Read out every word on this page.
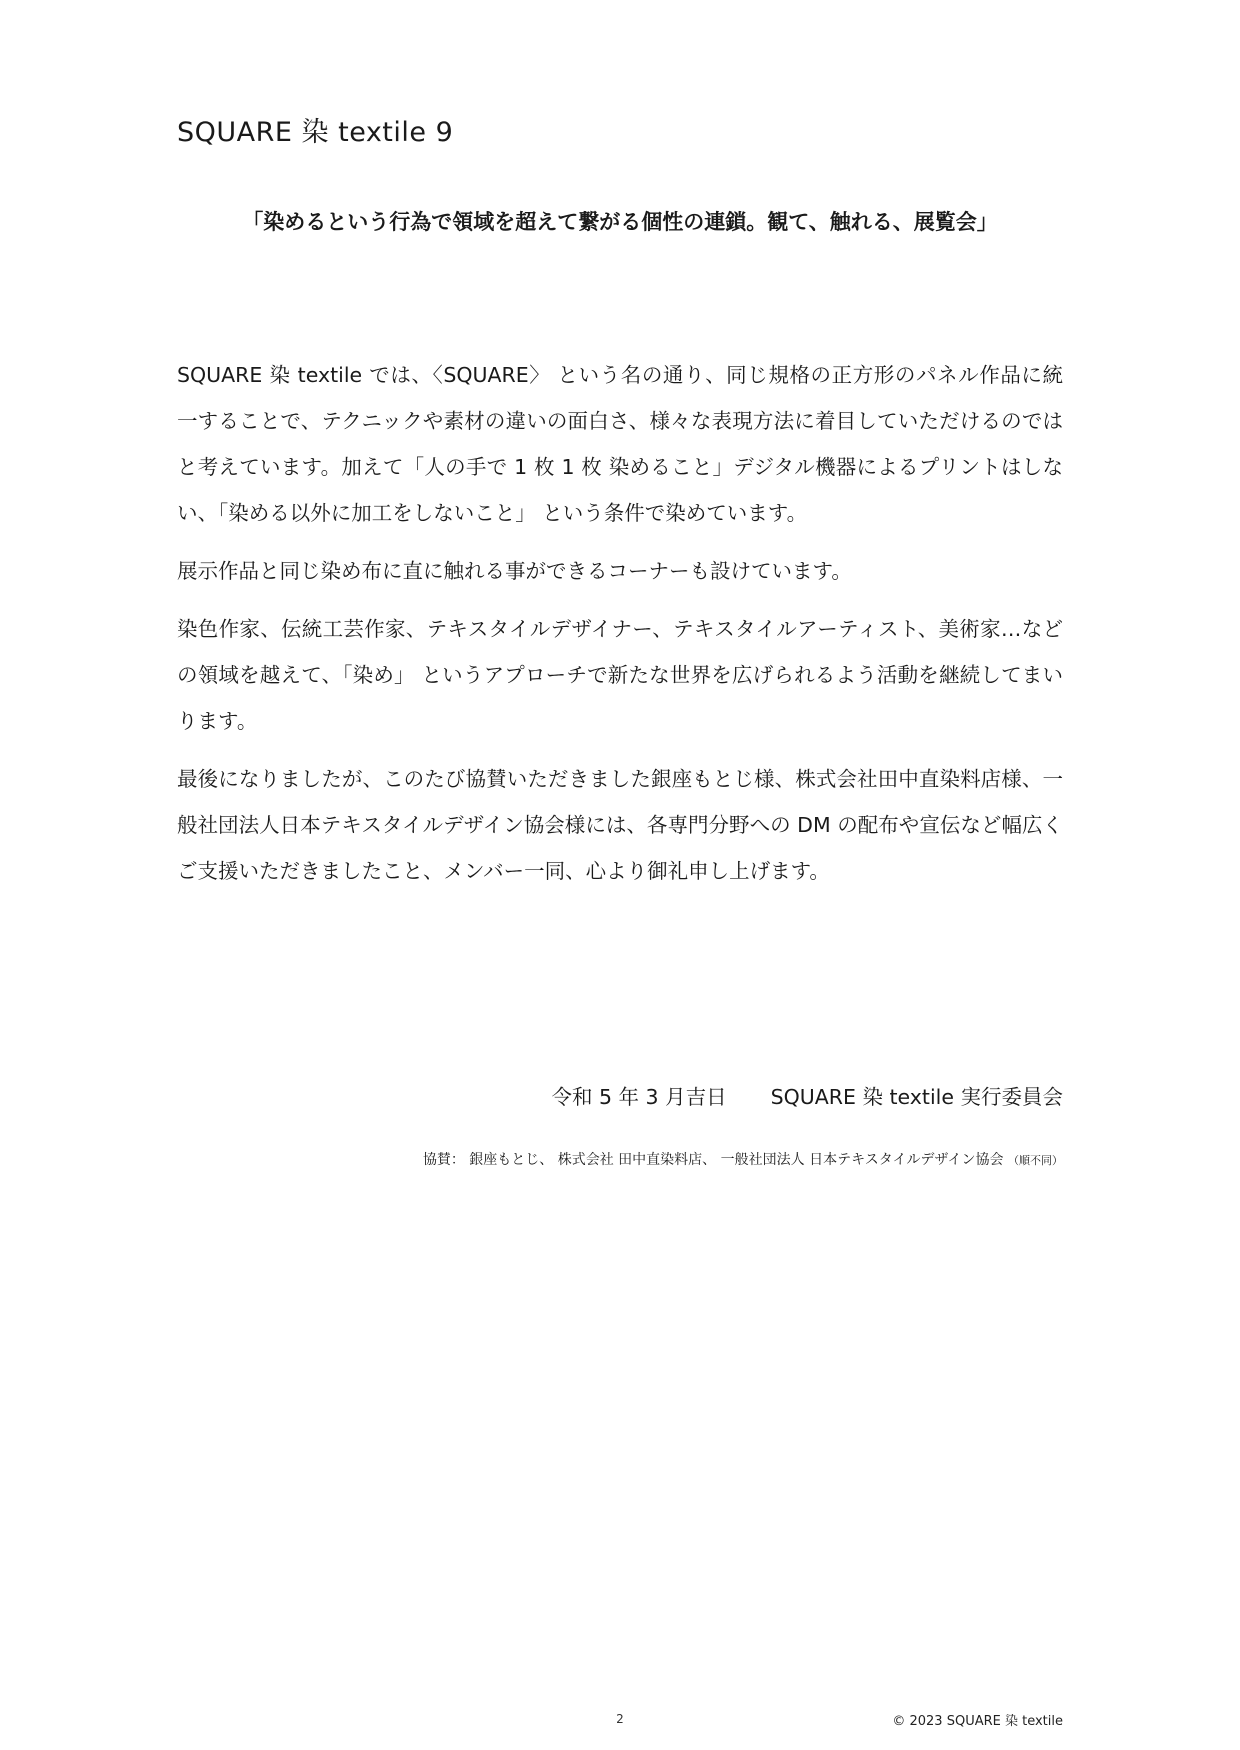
SQUARE 染 textile 9
「染めるという行為で領域を超えて繋がる個性の連鎖。観て、触れる、展覧会」

SQUARE 染 textile では、〈SQUARE〉 という名の通り、同じ規格の正方形のパネル作品に統一することで、テクニックや素材の違いの面白さ、様々な表現方法に着目していただけるのではと考えています。加えて「人の手で 1 枚 1 枚 染めること」デジタル機器によるプリントはしない、「染める以外に加工をしないこと」 という条件で染めています。

展示作品と同じ染め布に直に触れる事ができるコーナーも設けています。

染色作家、伝統工芸作家、テキスタイルデザイナー、テキスタイルアーティスト、美術家…などの領域を越えて、「染め」 というアプローチで新たな世界を広げられるよう活動を継続してまいります。

最後になりましたが、このたび協賛いただきました銀座もとじ様、株式会社田中直染料店様、一般社団法人日本テキスタイルデザイン協会様には、各専門分野への DM の配布や宣伝など幅広くご支援いただきましたこと、メンバー一同、心より御礼申し上げます。

令和 5 年 3 月吉日 SQUARE 染 textile 実行委員会
協賛： 銀座もとじ、 株式会社 田中直染料店、 一般社団法人 日本テキスタイルデザイン協会 （順不同）
2	© 2023 SQUARE 染 textile
